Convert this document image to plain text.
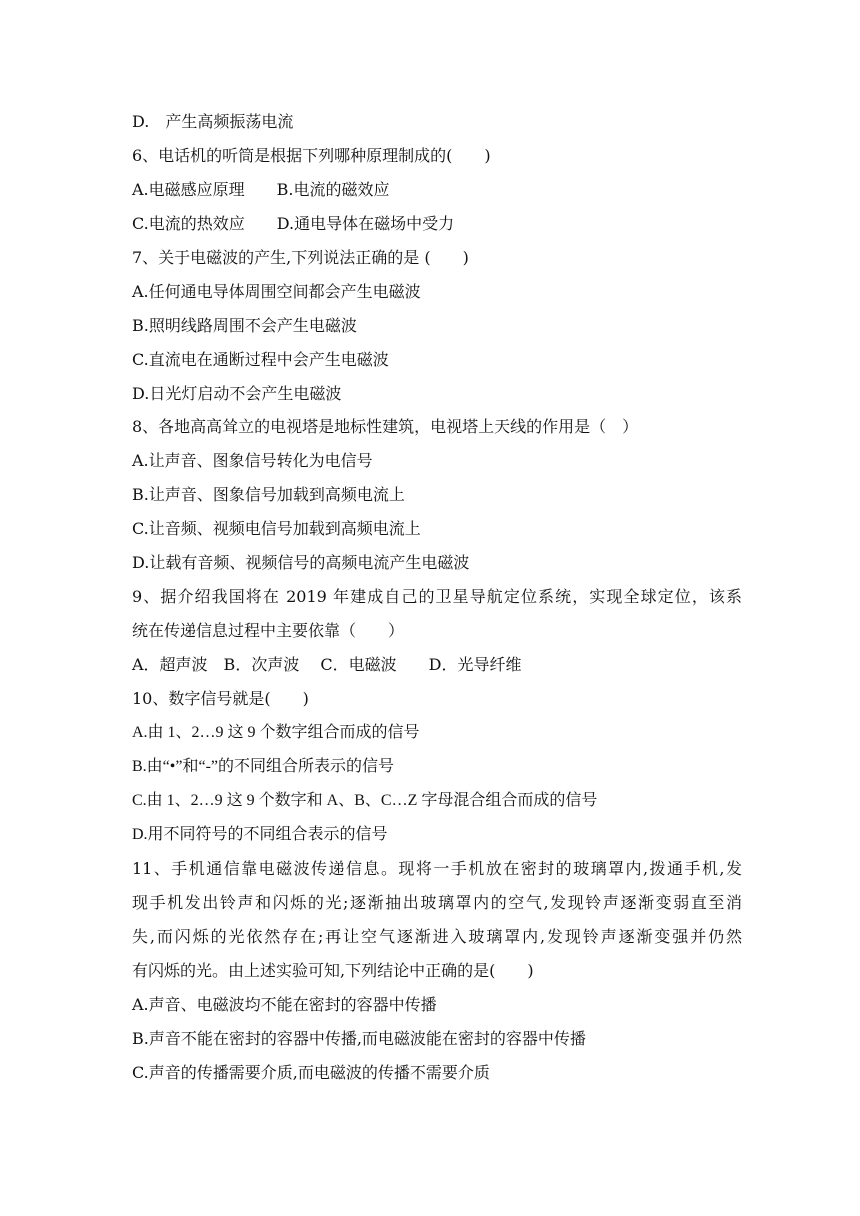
D.　产生高频振荡电流
6、电话机的听筒是根据下列哪种原理制成的(　　)
A.电磁感应原理　　B.电流的磁效应
C.电流的热效应　　D.通电导体在磁场中受力
7、关于电磁波的产生,下列说法正确的是 (　　)
A.任何通电导体周围空间都会产生电磁波
B.照明线路周围不会产生电磁波
C.直流电在通断过程中会产生电磁波
D.日光灯启动不会产生电磁波
8、各地高高耸立的电视塔是地标性建筑，电视塔上天线的作用是（　）
A.让声音、图象信号转化为电信号
B.让声音、图象信号加载到高频电流上
C.让音频、视频电信号加载到高频电流上
D.让载有音频、视频信号的高频电流产生电磁波
9、据介绍我国将在 2019 年建成自己的卫星导航定位系统，实现全球定位，该系
统在传递信息过程中主要依靠（　　）
A．超声波　B．次声波　 C．电磁波　　D．光导纤维
10、数字信号就是(　　)
A.由 1、2…9 这 9 个数字组合而成的信号
B.由“•”和“-”的不同组合所表示的信号
C.由 1、2…9 这 9 个数字和 A、B、C…Z 字母混合组合而成的信号
D.用不同符号的不同组合表示的信号
11、手机通信靠电磁波传递信息。现将一手机放在密封的玻璃罩内,拨通手机,发
现手机发出铃声和闪烁的光;逐渐抽出玻璃罩内的空气,发现铃声逐渐变弱直至消
失,而闪烁的光依然存在;再让空气逐渐进入玻璃罩内,发现铃声逐渐变强并仍然
有闪烁的光。由上述实验可知,下列结论中正确的是(　　)
A.声音、电磁波均不能在密封的容器中传播
B.声音不能在密封的容器中传播,而电磁波能在密封的容器中传播
C.声音的传播需要介质,而电磁波的传播不需要介质
